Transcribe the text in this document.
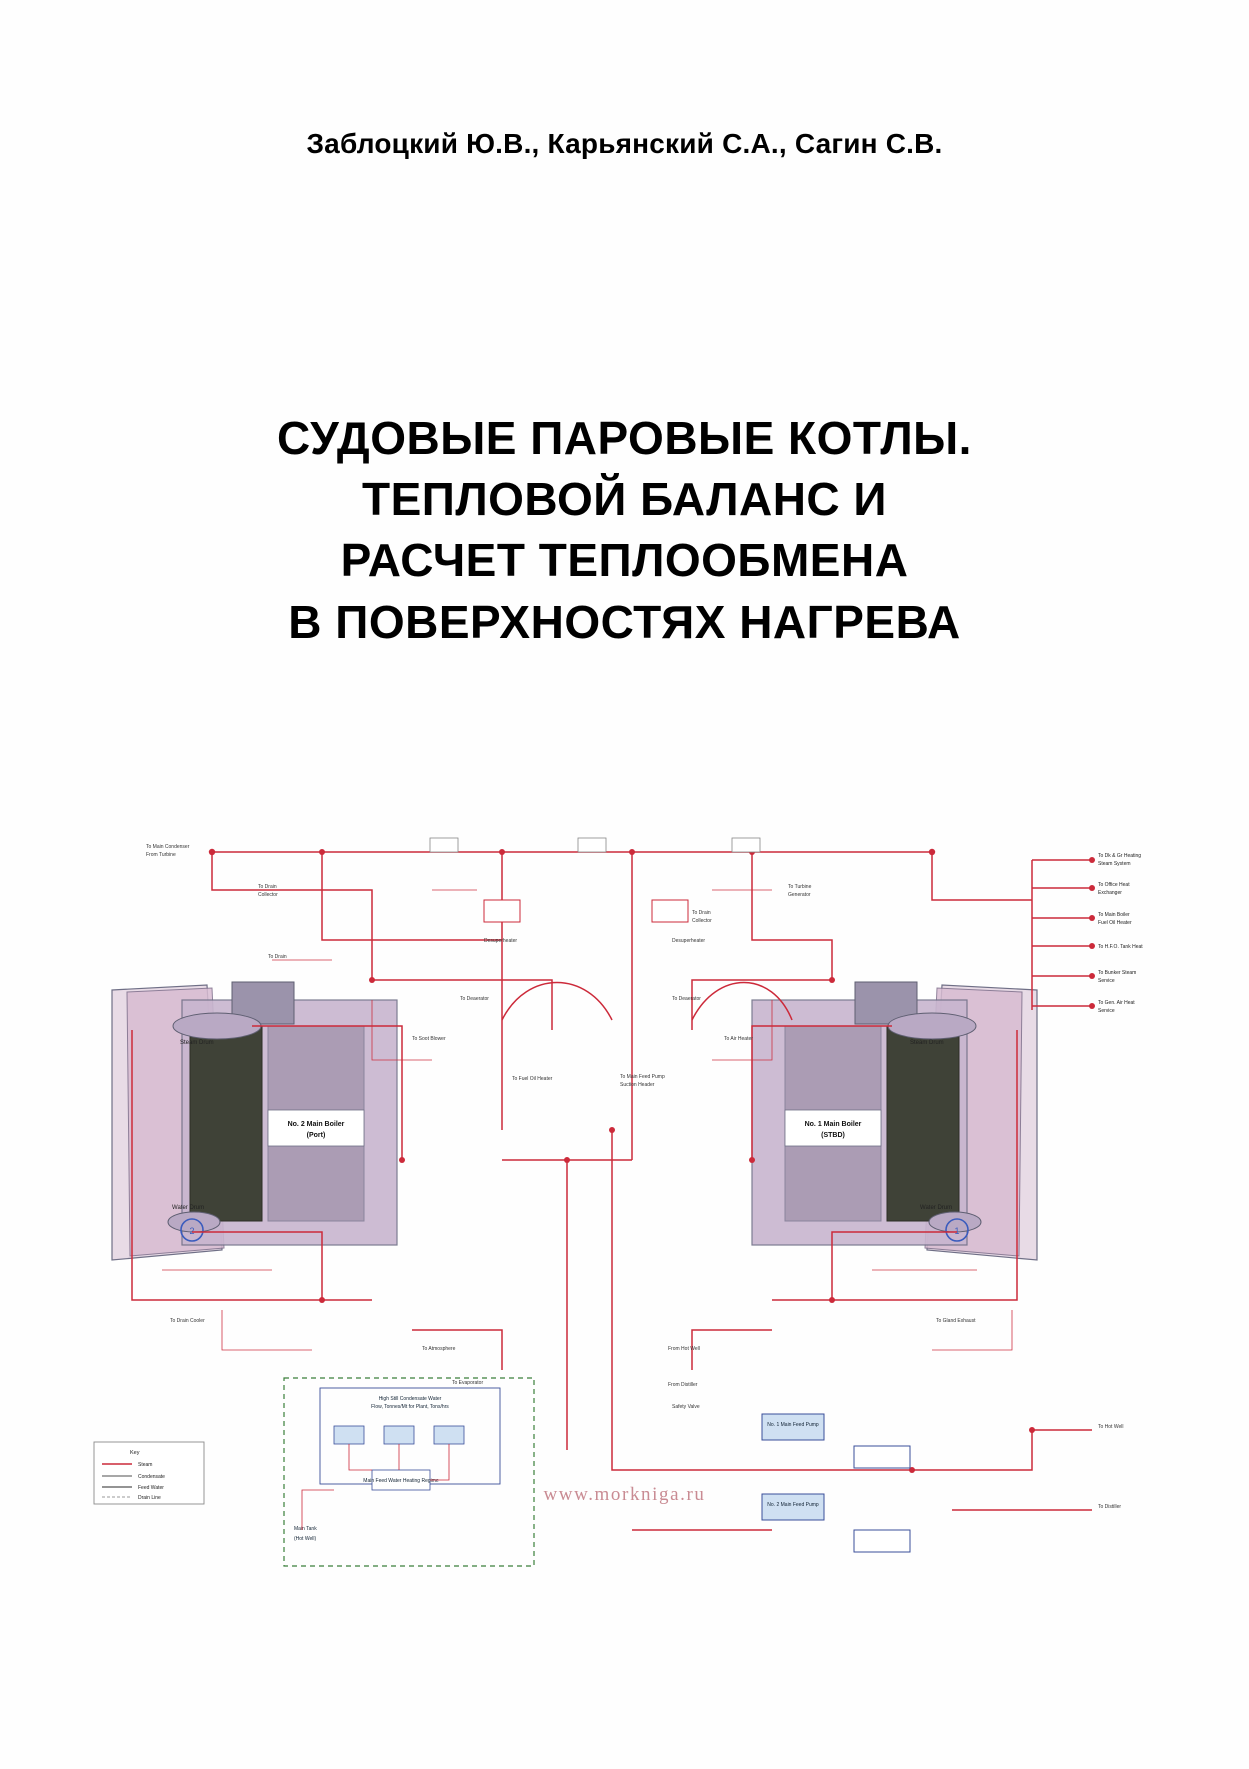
Заблоцкий Ю.В., Карьянский С.А., Сагин С.В.
СУДОВЫЕ ПАРОВЫЕ КОТЛЫ.
ТЕПЛОВОЙ БАЛАНС И
РАСЧЕТ ТЕПЛООБМЕНА
В ПОВЕРХНОСТЯХ НАГРЕВА
Steam Drum
Water Drum
No. 2 Main Boiler
(Port)
2
Steam Drum
Water Drum
No. 1 Main Boiler
(STBD)
1
No. 1 Main Feed Pump
No. 2 Main Feed Pump
High Still Condensate Water
Flow, Tonnes/Mt for Plant, Tons/hrs
Main Feed Water Heating Regime
Main Tank
(Hot Well)
Key
Steam
Condensate
Feed Water
Drain Line
To Dk & Gr Heating
Steam System
To Office Heat
Exchanger
To Main Boiler
Fuel Oil Heater
To H.F.O. Tank Heat
To Bunker Steam
Service
To Gen. Air Heat
Service
To Main Condenser
From Turbine
To Drain
Collector
To Drain
Desuperheater	Desuperheater
To Turbine
Generator
To Drain
Collector
To Deaerator	To Deaerator
To Soot Blower	To Air Heater
To Fuel Oil Heater	To Main Feed Pump
Suction Header
To Drain Cooler	To Gland Exhaust
To Atmosphere	From Hot Well
To Evaporator	From Distiller
Safety Valve
To Hot Well
To Distiller
www.morkniga.ru
